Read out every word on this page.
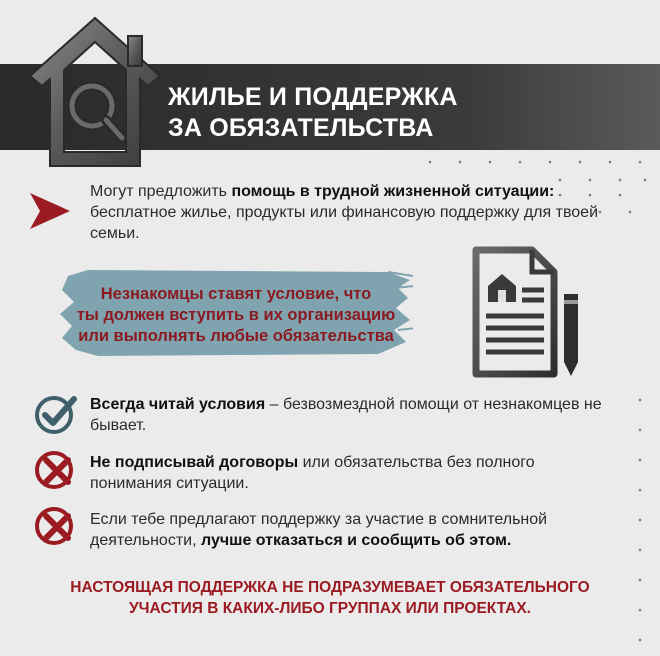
ЖИЛЬЕ И ПОДДЕРЖКА
ЗА ОБЯЗАТЕЛЬСТВА
Могут предложить помощь в трудной жизненной ситуации: бесплатное жилье, продукты или финансовую поддержку для твоей семьи.
Незнакомцы ставят условие, что
ты должен вступить в их организацию
или выполнять любые обязательства
Всегда читай условия – безвозмездной помощи от незнакомцев не бывает.
Не подписывай договоры или обязательства без полного понимания ситуации.
Если тебе предлагают поддержку за участие в сомнительной деятельности, лучше отказаться и сообщить об этом.
НАСТОЯЩАЯ ПОДДЕРЖКА НЕ ПОДРАЗУМЕВАЕТ ОБЯЗАТЕЛЬНОГО
УЧАСТИЯ В КАКИХ-ЛИБО ГРУППАХ ИЛИ ПРОЕКТАХ.
